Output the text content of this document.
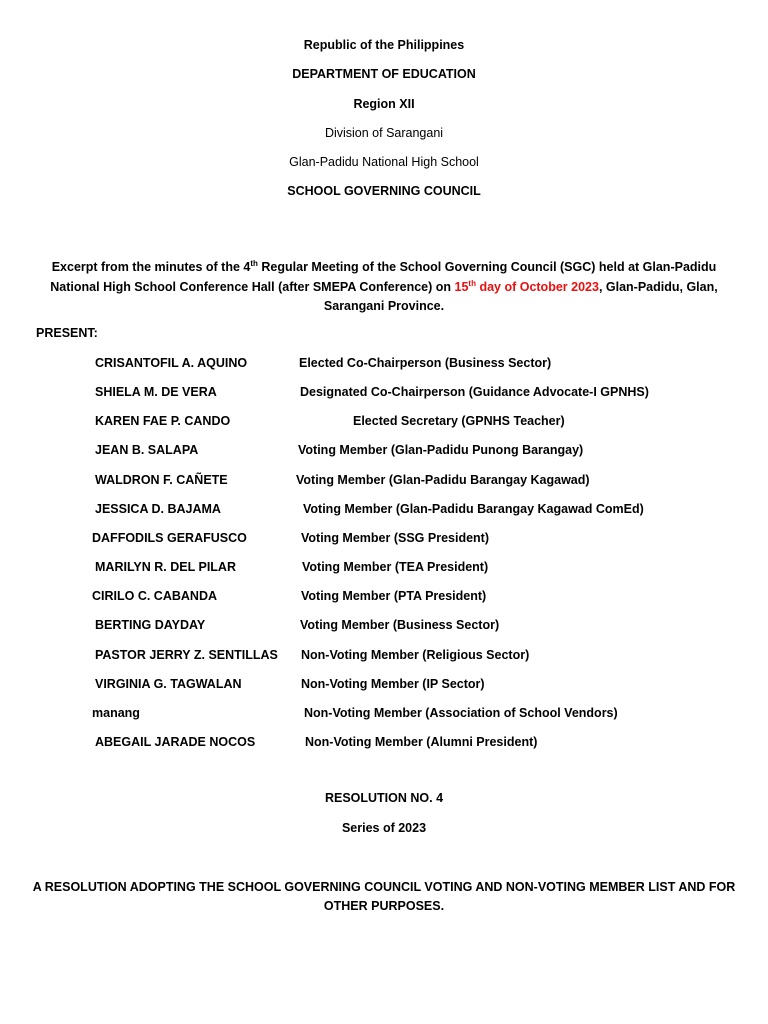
Republic of the Philippines
DEPARTMENT OF EDUCATION
Region XII
Division of Sarangani
Glan-Padidu National High School
SCHOOL GOVERNING COUNCIL
Excerpt from the minutes of the 4th Regular Meeting of the School Governing Council (SGC) held at Glan-Padidu National High School Conference Hall (after SMEPA Conference) on 15th day of October 2023, Glan-Padidu, Glan, Sarangani Province.
PRESENT:
CRISANTOFIL A. AQUINO	Elected Co-Chairperson (Business Sector)
SHIELA M. DE VERA	Designated Co-Chairperson (Guidance Advocate-I GPNHS)
KAREN FAE P. CANDO	Elected Secretary (GPNHS Teacher)
JEAN B. SALAPA	Voting Member (Glan-Padidu Punong Barangay)
WALDRON F. CAÑETE	Voting Member (Glan-Padidu Barangay Kagawad)
JESSICA D. BAJAMA	Voting Member (Glan-Padidu Barangay Kagawad ComEd)
DAFFODILS GERAFUSCO	Voting Member (SSG President)
MARILYN R. DEL PILAR	Voting Member (TEA President)
CIRILO C. CABANDA	Voting Member (PTA President)
BERTING DAYDAY	Voting Member (Business Sector)
PASTOR JERRY Z. SENTILLAS Non-Voting Member (Religious Sector)
VIRGINIA G. TAGWALAN	Non-Voting Member (IP Sector)
manang	Non-Voting Member (Association of School Vendors)
ABEGAIL JARADE NOCOS	Non-Voting Member (Alumni President)
RESOLUTION NO. 4
Series of 2023
A RESOLUTION ADOPTING THE SCHOOL GOVERNING COUNCIL VOTING AND NON-VOTING MEMBER LIST AND FOR OTHER PURPOSES.
